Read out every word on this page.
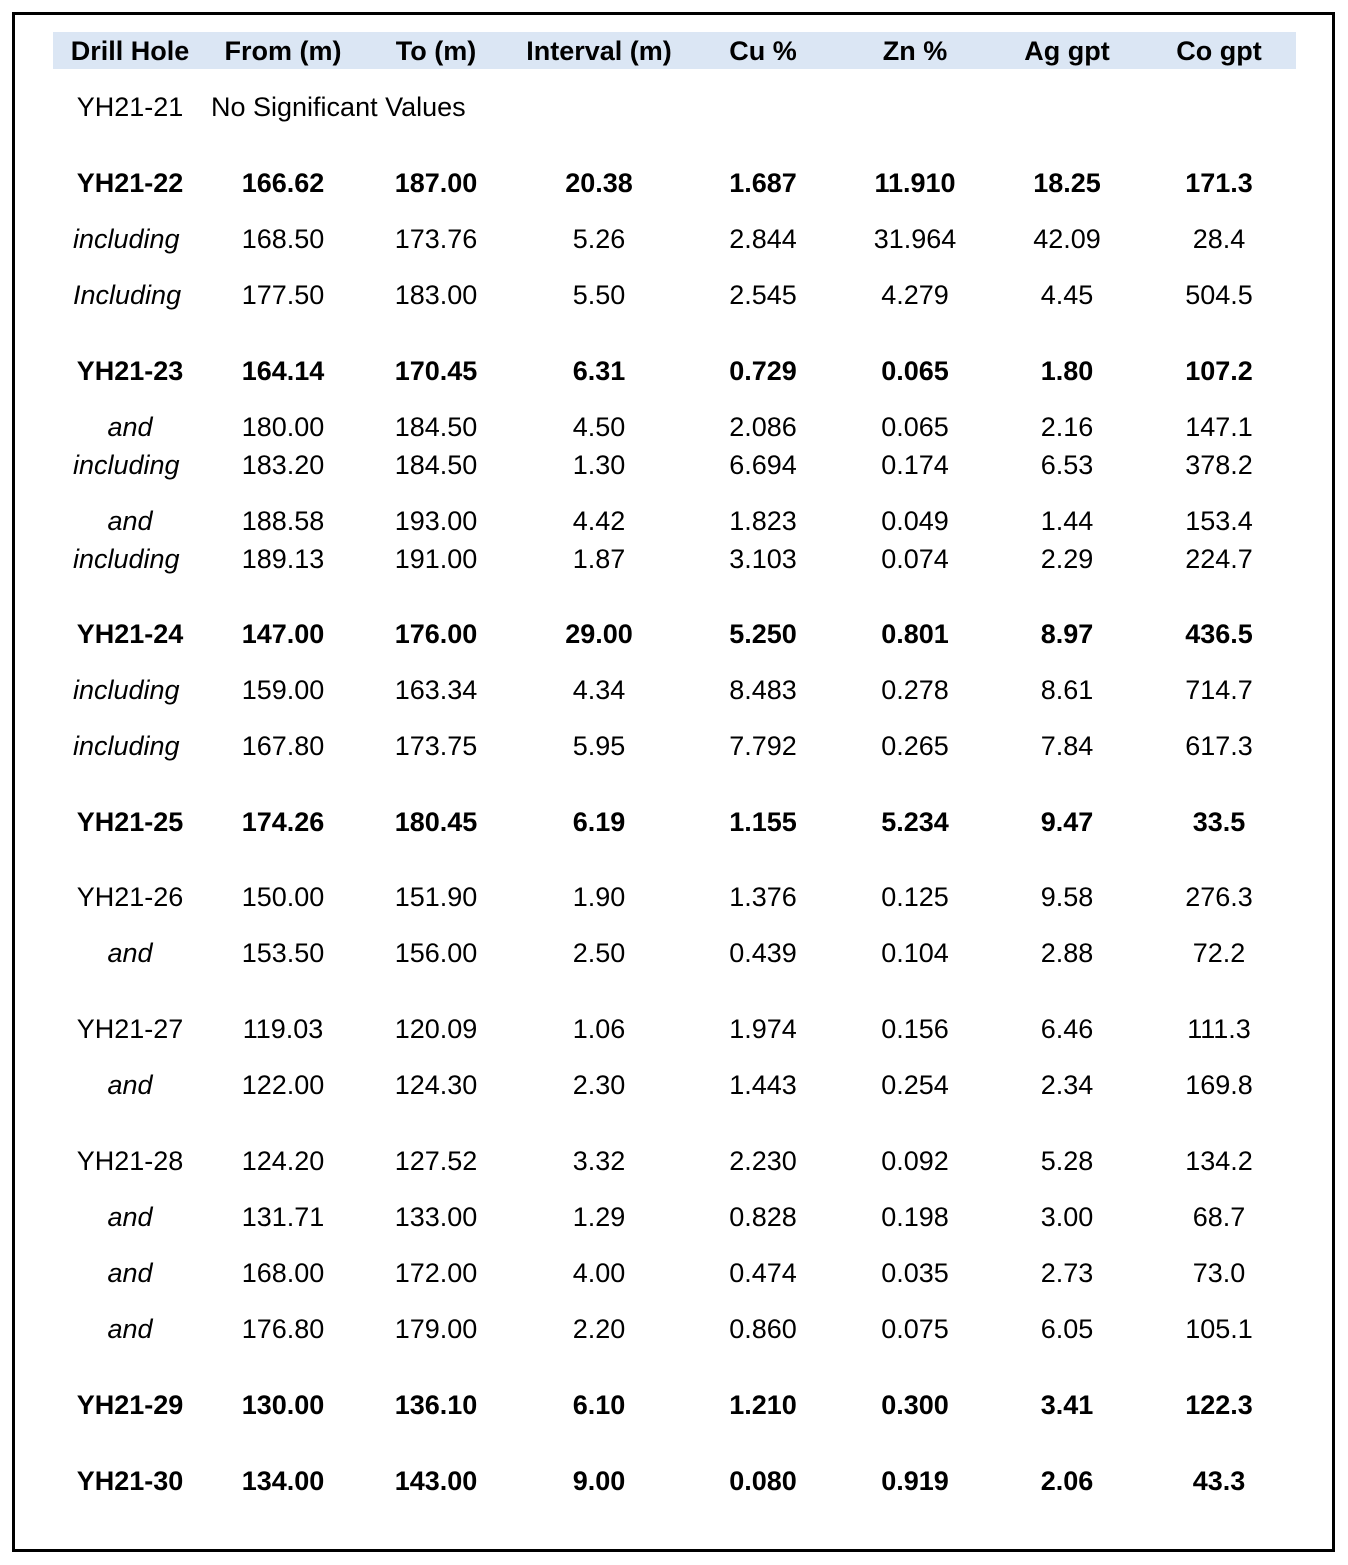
Drill Hole	From (m)	To (m)	Interval (m)	Cu %	Zn %	Ag gpt	Co gpt
YH21-21	No Significant Values
YH21-22	166.62	187.00	20.38	1.687	11.910	18.25	171.3
including	168.50	173.76	5.26	2.844	31.964	42.09	28.4
Including	177.50	183.00	5.50	2.545	4.279	4.45	504.5
YH21-23	164.14	170.45	6.31	0.729	0.065	1.80	107.2
and	180.00	184.50	4.50	2.086	0.065	2.16	147.1
including	183.20	184.50	1.30	6.694	0.174	6.53	378.2
and	188.58	193.00	4.42	1.823	0.049	1.44	153.4
including	189.13	191.00	1.87	3.103	0.074	2.29	224.7
YH21-24	147.00	176.00	29.00	5.250	0.801	8.97	436.5
including	159.00	163.34	4.34	8.483	0.278	8.61	714.7
including	167.80	173.75	5.95	7.792	0.265	7.84	617.3
YH21-25	174.26	180.45	6.19	1.155	5.234	9.47	33.5
YH21-26	150.00	151.90	1.90	1.376	0.125	9.58	276.3
and	153.50	156.00	2.50	0.439	0.104	2.88	72.2
YH21-27	119.03	120.09	1.06	1.974	0.156	6.46	111.3
and	122.00	124.30	2.30	1.443	0.254	2.34	169.8
YH21-28	124.20	127.52	3.32	2.230	0.092	5.28	134.2
and	131.71	133.00	1.29	0.828	0.198	3.00	68.7
and	168.00	172.00	4.00	0.474	0.035	2.73	73.0
and	176.80	179.00	2.20	0.860	0.075	6.05	105.1
YH21-29	130.00	136.10	6.10	1.210	0.300	3.41	122.3
YH21-30	134.00	143.00	9.00	0.080	0.919	2.06	43.3
